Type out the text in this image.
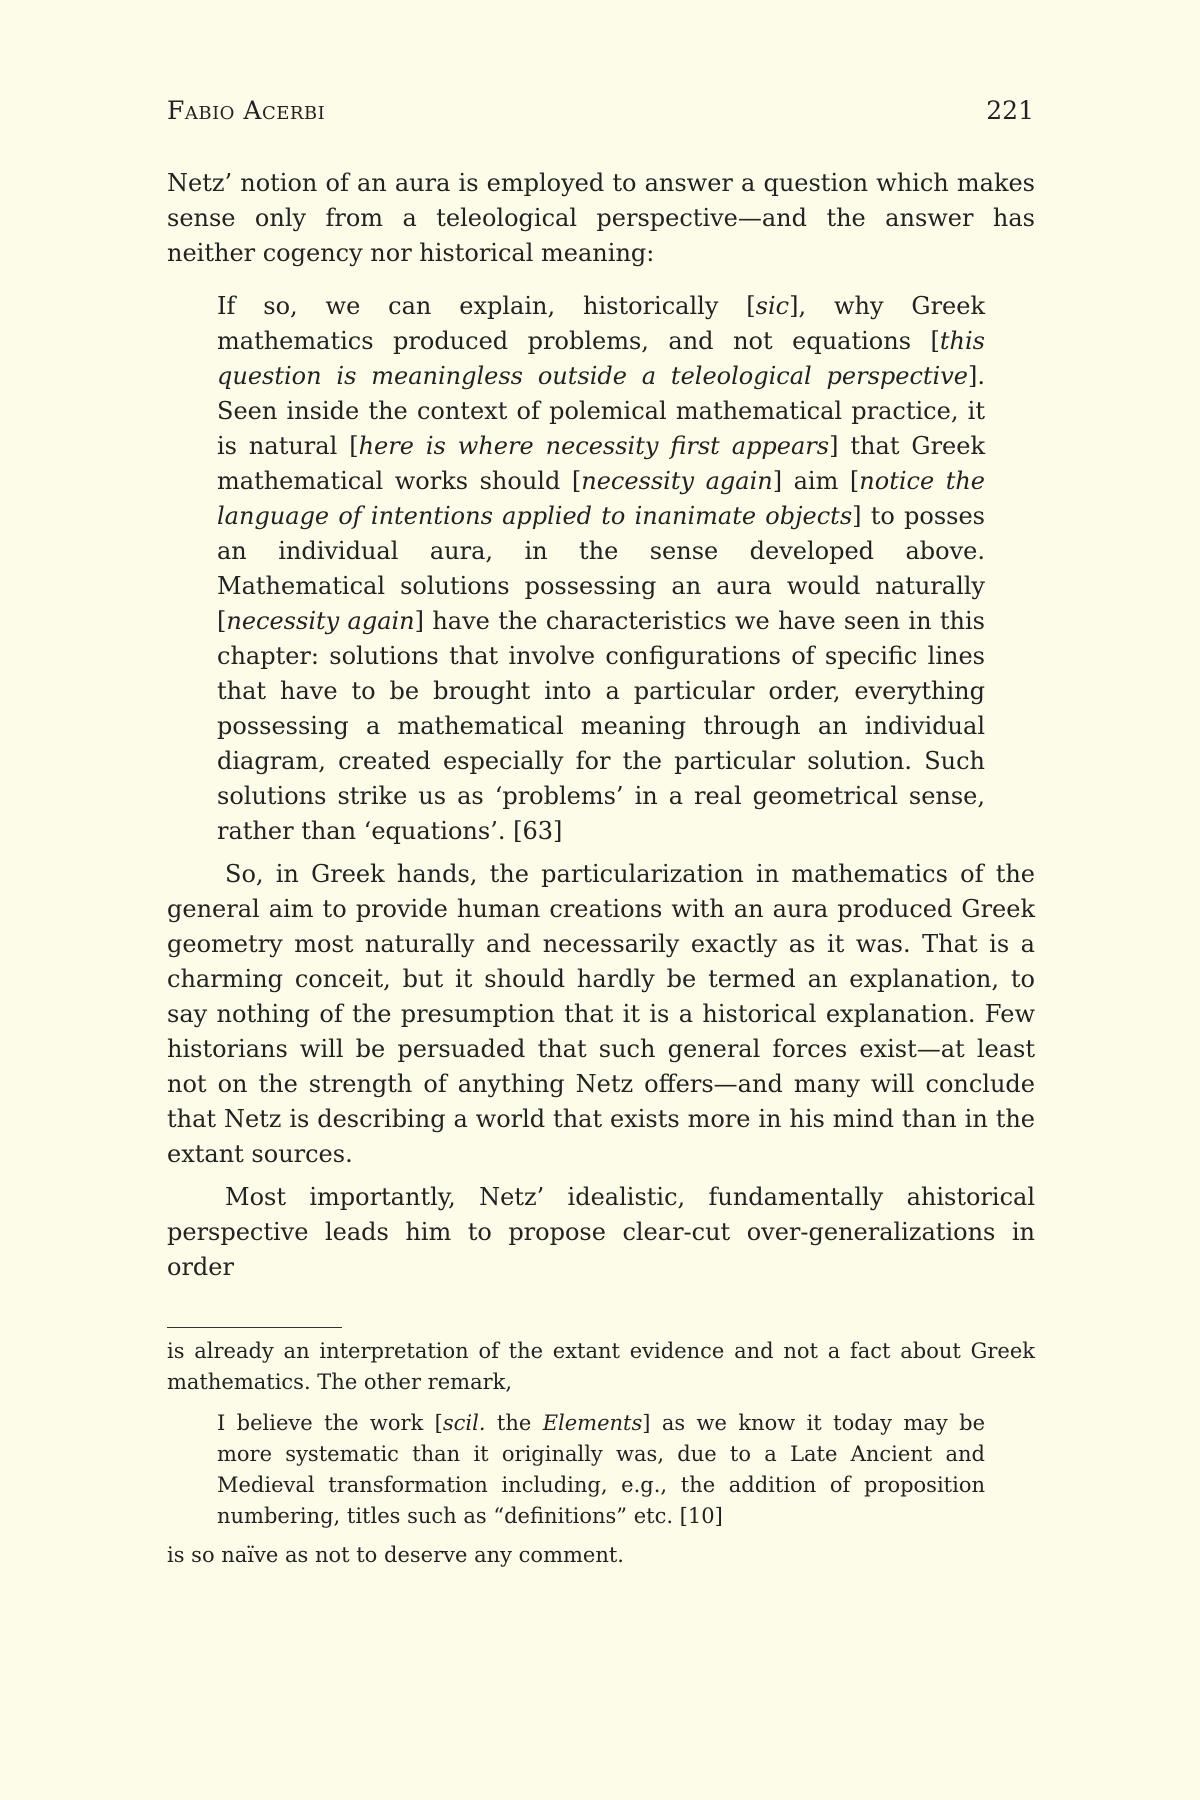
Fabio Acerbi	221

Netz’ notion of an aura is employed to answer a question which makes sense only from a teleological perspective—and the answer has neither cogency nor historical meaning:

If so, we can explain, historically [sic], why Greek mathematics produced problems, and not equations [this question is meaningless outside a teleological perspective]. Seen inside the context of polemical mathematical practice, it is natural [here is where necessity first appears] that Greek mathematical works should [necessity again] aim [notice the language of intentions applied to inanimate objects] to posses an individual aura, in the sense developed above. Mathematical solutions possessing an aura would naturally [necessity again] have the characteristics we have seen in this chapter: solutions that involve configurations of specific lines that have to be brought into a particular order, everything possessing a mathematical meaning through an individual diagram, created especially for the particular solution. Such solutions strike us as ‘problems’ in a real geometrical sense, rather than ‘equations’. [63]

So, in Greek hands, the particularization in mathematics of the general aim to provide human creations with an aura produced Greek geometry most naturally and necessarily exactly as it was. That is a charming conceit, but it should hardly be termed an explanation, to say nothing of the presumption that it is a historical explanation. Few historians will be persuaded that such general forces exist—at least not on the strength of anything Netz offers—and many will conclude that Netz is describing a world that exists more in his mind than in the extant sources.

Most importantly, Netz’ idealistic, fundamentally ahistorical perspective leads him to propose clear-cut over-generalizations in order

is already an interpretation of the extant evidence and not a fact about Greek mathematics. The other remark,

I believe the work [scil. the Elements] as we know it today may be more systematic than it originally was, due to a Late Ancient and Medieval transformation including, e.g., the addition of proposition numbering, titles such as “definitions” etc. [10]

is so naïve as not to deserve any comment.
